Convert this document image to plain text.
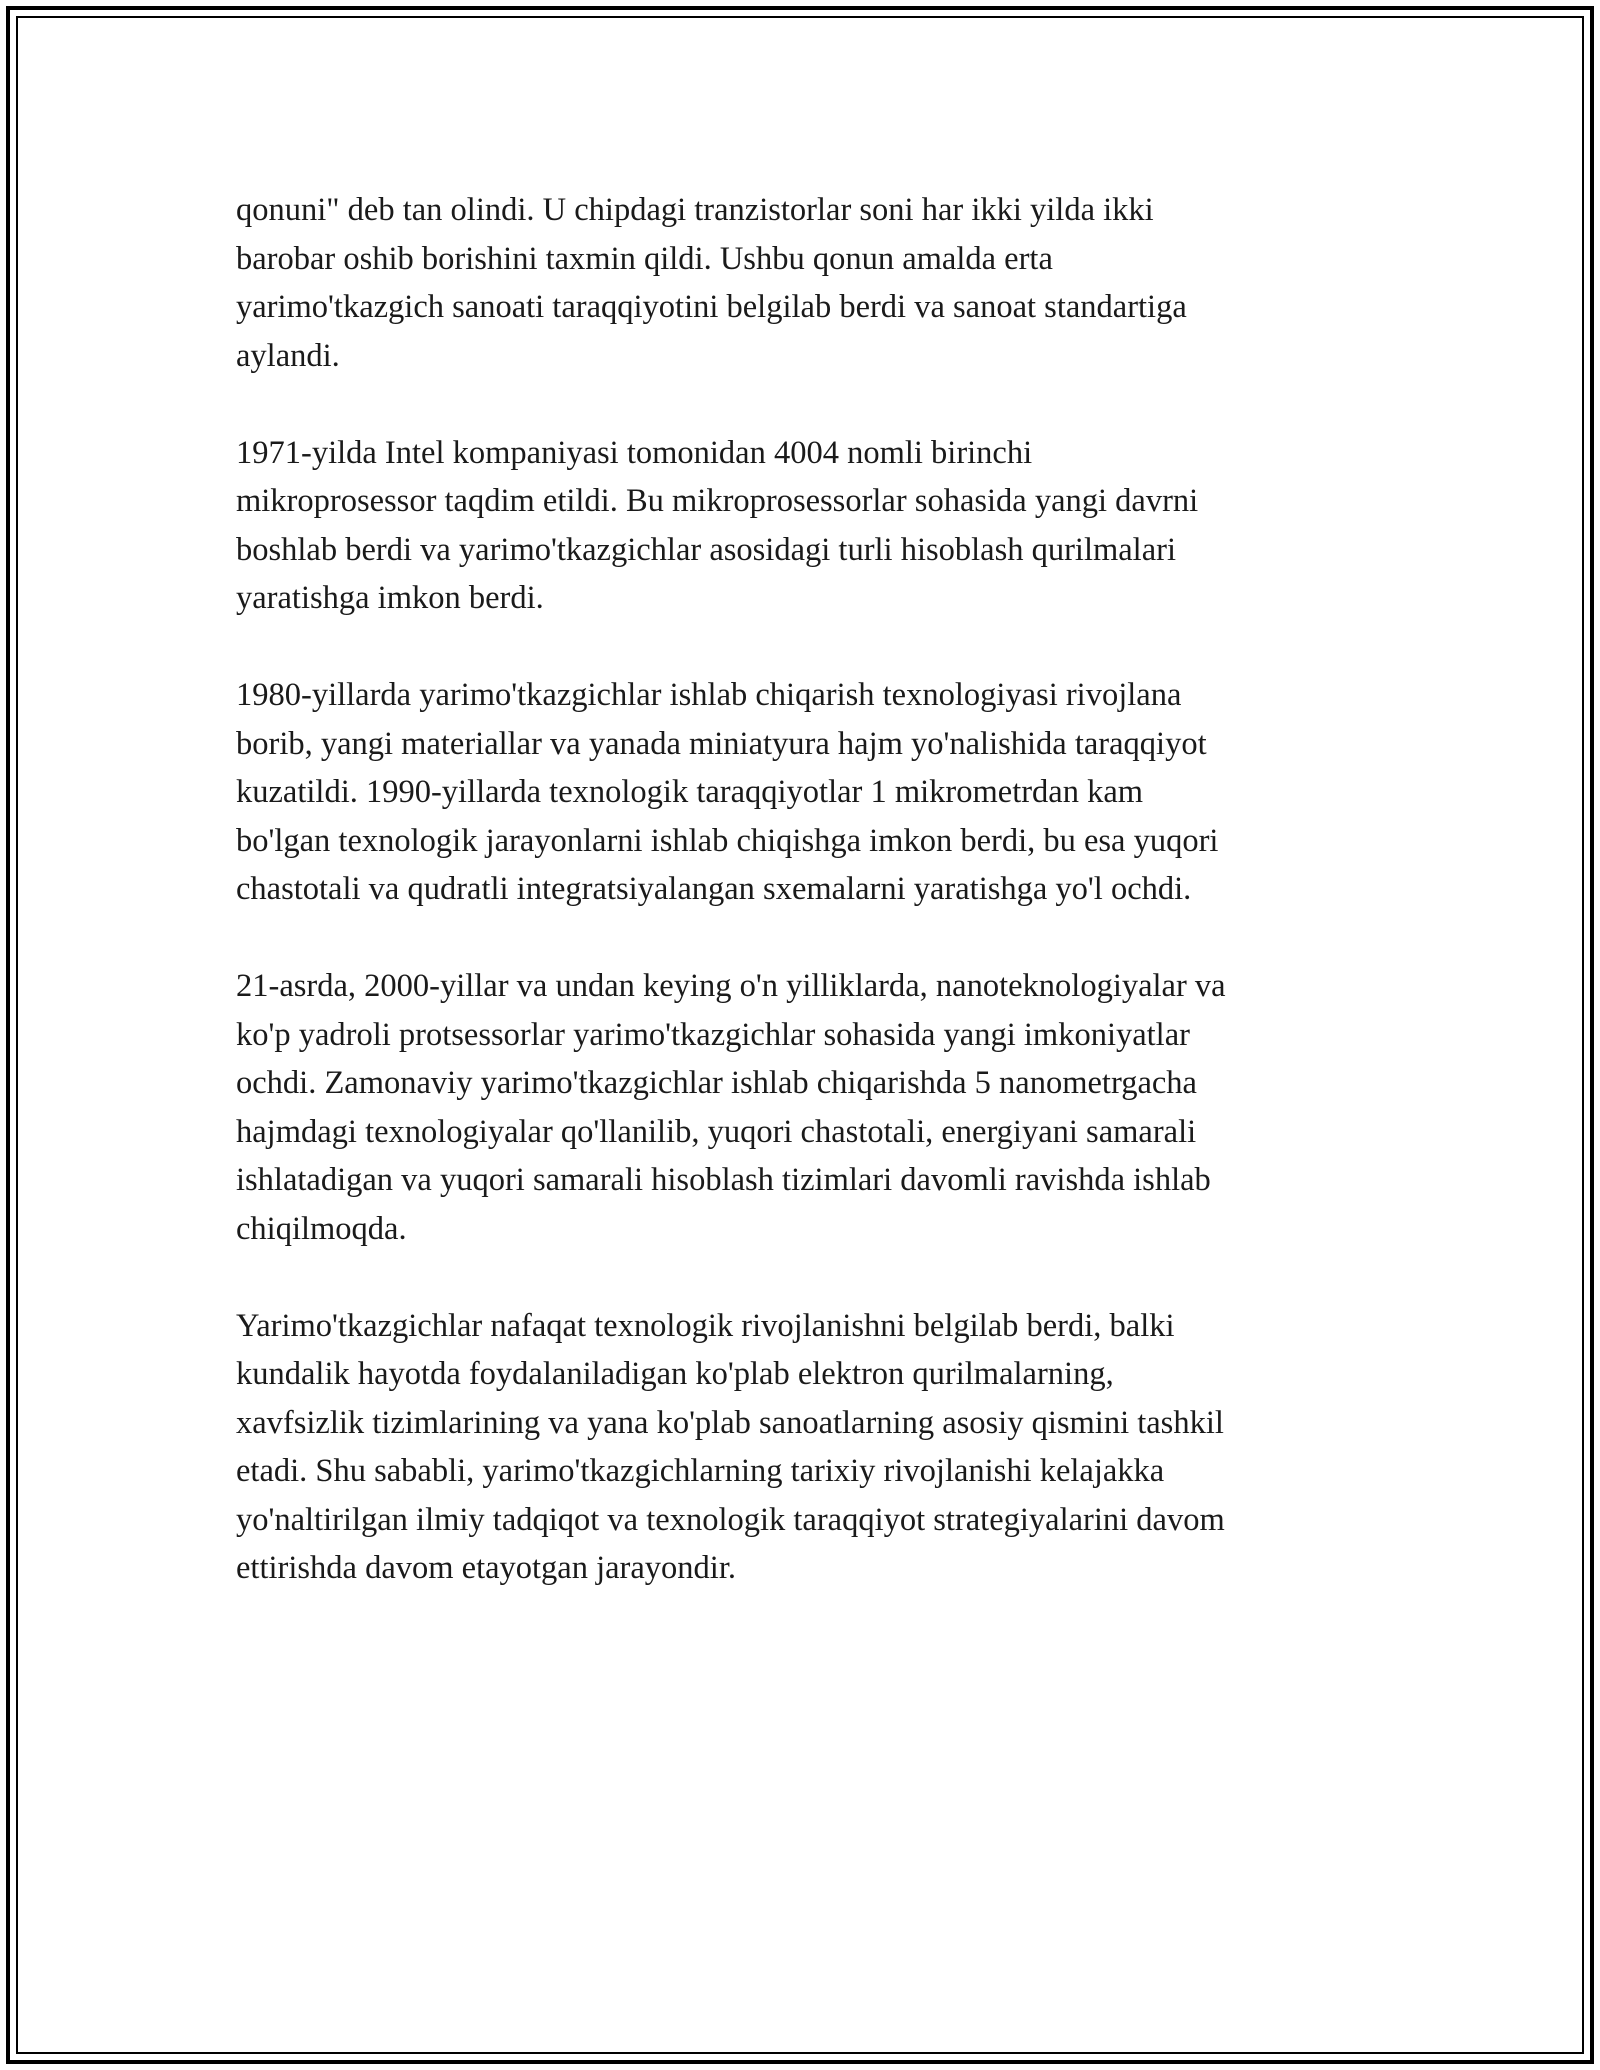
qonuni" deb tan olindi. U chipdagi tranzistorlar soni har ikki yilda ikki
barobar oshib borishini taxmin qildi. Ushbu qonun amalda erta
yarimo'tkazgich sanoati taraqqiyotini belgilab berdi va sanoat standartiga
aylandi.

1971-yilda Intel kompaniyasi tomonidan 4004 nomli birinchi
mikroprosessor taqdim etildi. Bu mikroprosessorlar sohasida yangi davrni
boshlab berdi va yarimo'tkazgichlar asosidagi turli hisoblash qurilmalari
yaratishga imkon berdi.

1980-yillarda yarimo'tkazgichlar ishlab chiqarish texnologiyasi rivojlana
borib, yangi materiallar va yanada miniatyura hajm yo'nalishida taraqqiyot
kuzatildi. 1990-yillarda texnologik taraqqiyotlar 1 mikrometrdan kam
bo'lgan texnologik jarayonlarni ishlab chiqishga imkon berdi, bu esa yuqori
chastotali va qudratli integratsiyalangan sxemalarni yaratishga yo'l ochdi.

21-asrda, 2000-yillar va undan keying o'n yilliklarda, nanoteknologiyalar va
ko'p yadroli protsessorlar yarimo'tkazgichlar sohasida yangi imkoniyatlar
ochdi. Zamonaviy yarimo'tkazgichlar ishlab chiqarishda 5 nanometrgacha
hajmdagi texnologiyalar qo'llanilib, yuqori chastotali, energiyani samarali
ishlatadigan va yuqori samarali hisoblash tizimlari davomli ravishda ishlab
chiqilmoqda.

Yarimo'tkazgichlar nafaqat texnologik rivojlanishni belgilab berdi, balki
kundalik hayotda foydalaniladigan ko'plab elektron qurilmalarning,
xavfsizlik tizimlarining va yana ko'plab sanoatlarning asosiy qismini tashkil
etadi. Shu sababli, yarimo'tkazgichlarning tarixiy rivojlanishi kelajakka
yo'naltirilgan ilmiy tadqiqot va texnologik taraqqiyot strategiyalarini davom
ettirishda davom etayotgan jarayondir.
